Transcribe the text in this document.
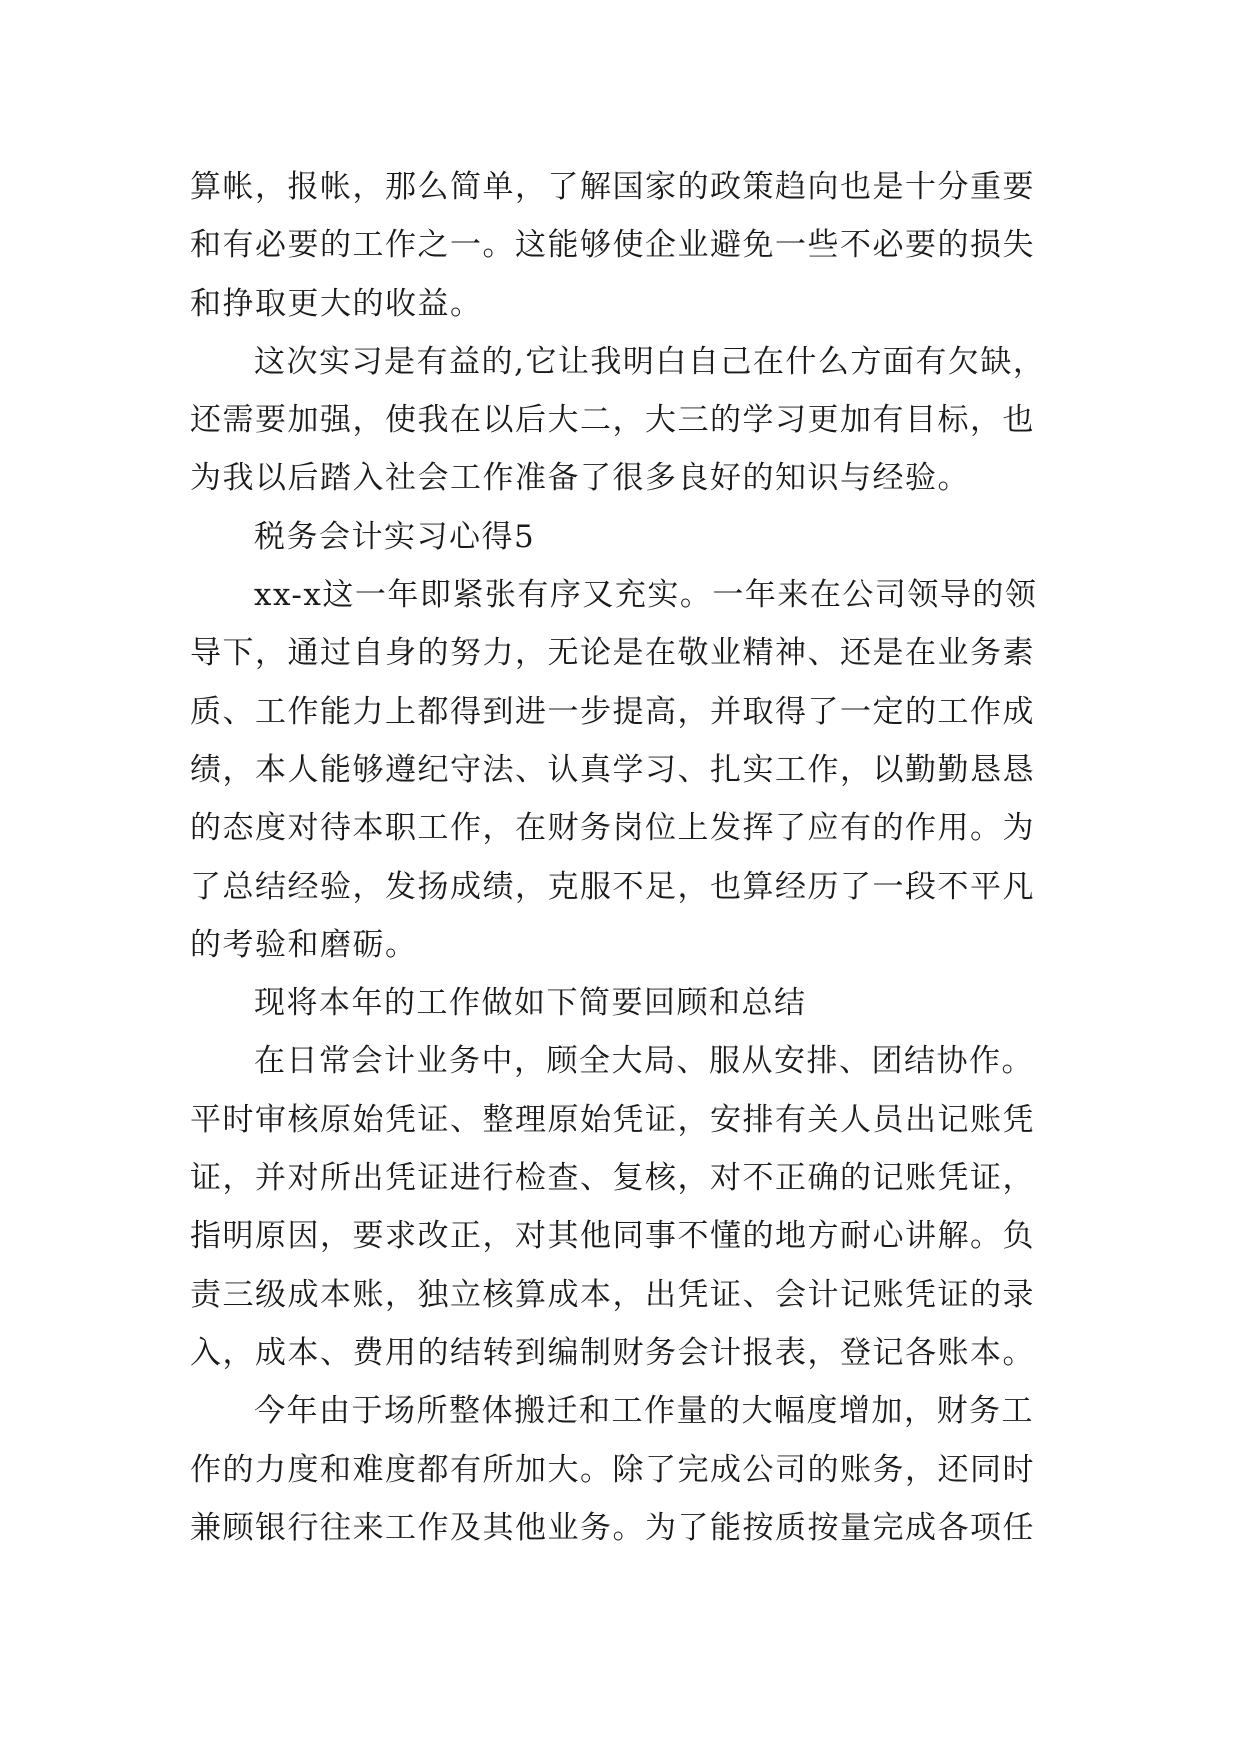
算帐，报帐，那么简单，了解国家的政策趋向也是十分重要
和有必要的工作之一。这能够使企业避免一些不必要的损失
和挣取更大的收益。
这次实习是有益的,它让我明白自己在什么方面有欠缺，
还需要加强，使我在以后大二，大三的学习更加有目标，也
为我以后踏入社会工作准备了很多良好的知识与经验。
税务会计实习心得5
xx-x这一年即紧张有序又充实。一年来在公司领导的领
导下，通过自身的努力，无论是在敬业精神、还是在业务素
质、工作能力上都得到进一步提高，并取得了一定的工作成
绩，本人能够遵纪守法、认真学习、扎实工作，以勤勤恳恳
的态度对待本职工作，在财务岗位上发挥了应有的作用。为
了总结经验，发扬成绩，克服不足，也算经历了一段不平凡
的考验和磨砺。
现将本年的工作做如下简要回顾和总结
在日常会计业务中，顾全大局、服从安排、团结协作。
平时审核原始凭证、整理原始凭证，安排有关人员出记账凭
证，并对所出凭证进行检查、复核，对不正确的记账凭证，
指明原因，要求改正，对其他同事不懂的地方耐心讲解。负
责三级成本账，独立核算成本，出凭证、会计记账凭证的录
入，成本、费用的结转到编制财务会计报表，登记各账本。
今年由于场所整体搬迁和工作量的大幅度增加，财务工
作的力度和难度都有所加大。除了完成公司的账务，还同时
兼顾银行往来工作及其他业务。为了能按质按量完成各项任
